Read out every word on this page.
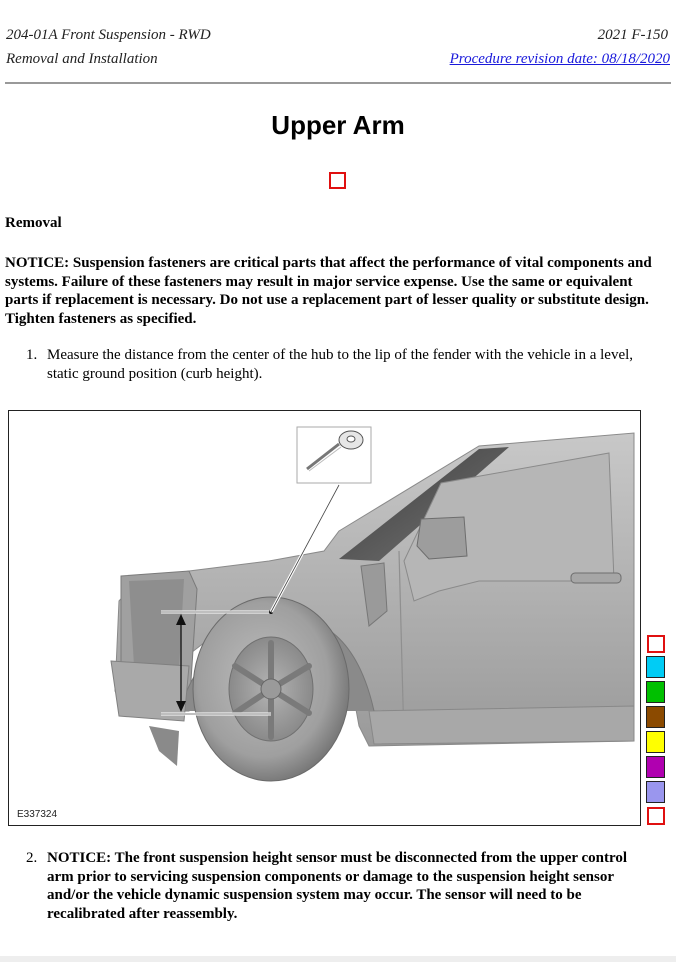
204-01A Front Suspension - RWD
Removal and Installation
2021 F-150
Procedure revision date: 08/18/2020
Upper Arm
Removal
NOTICE: Suspension fasteners are critical parts that affect the performance of vital components and systems. Failure of these fasteners may result in major service expense. Use the same or equivalent parts if replacement is necessary. Do not use a replacement part of lesser quality or substitute design. Tighten fasteners as specified.
1. Measure the distance from the center of the hub to the lip of the fender with the vehicle in a level, static ground position (curb height).
E337324
2. NOTICE: The front suspension height sensor must be disconnected from the upper control arm prior to servicing suspension components or damage to the suspension height sensor and/or the vehicle dynamic suspension system may occur. The sensor will need to be recalibrated after reassembly.
